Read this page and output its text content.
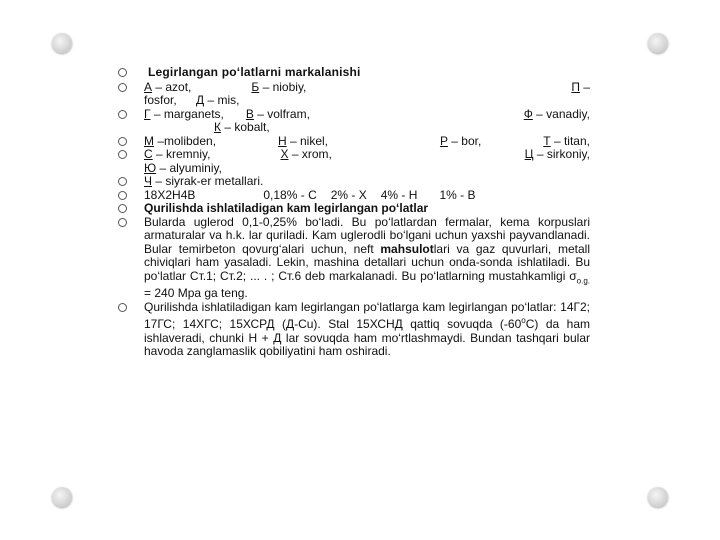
Legirlangan po‘latlarni markalanishi
А – azot,	Б – niobiy,	П –
fosfor, Д – mis,
Г – marganets, В – volfram,	Ф – vanadiy,
К – kobalt,
М –molibden,	Н – nikel,	Р – bor,	Т – titan,
С – kremniy,	Х – xrom,	Ц – sirkoniy,
Ю – alyuminiy,
Ч – siyrak-er metallari.
18Х2Н4В	0,18% - C 2% - X 4% - H 1% - B
Qurilishda ishlatiladigan kam legirlangan po‘latlar
Bularda uglerod 0,1-0,25% bo‘ladi. Bu po‘latlardan fermalar, kema korpuslari armaturalar va h.k. lar quriladi. Kam uglerodli bo‘lgani uchun yaxshi payvandlanadi. Bular temirbeton qovurg‘alari uchun, neft mahsulotlari va gaz quvurlari, metall chiviqlari ham yasaladi. Lekin, mashina detallari uchun onda-sonda ishlatiladi. Bu po‘latlar Ст.1; Ст.2; ... . ; Ст.6 deb markalanadi. Bu po‘latlarning mustahkamligi $\sigma_{o.g.} = 240$ Mpa ga teng.
Qurilishda ishlatiladigan kam legirlangan po‘latlarga kam legirlangan po‘latlar: 14Г2; 17ГС; 14ХГС; 15ХСРД (Д-Cu). Stal 15ХСНД qattiq sovuqda (-60$^o$C) da ham ishlaveradi, chunki H + Д lar sovuqda ham mo‘rtlashmaydi. Bundan tashqari bular havoda zanglamaslik qobiliyatini ham oshiradi.
